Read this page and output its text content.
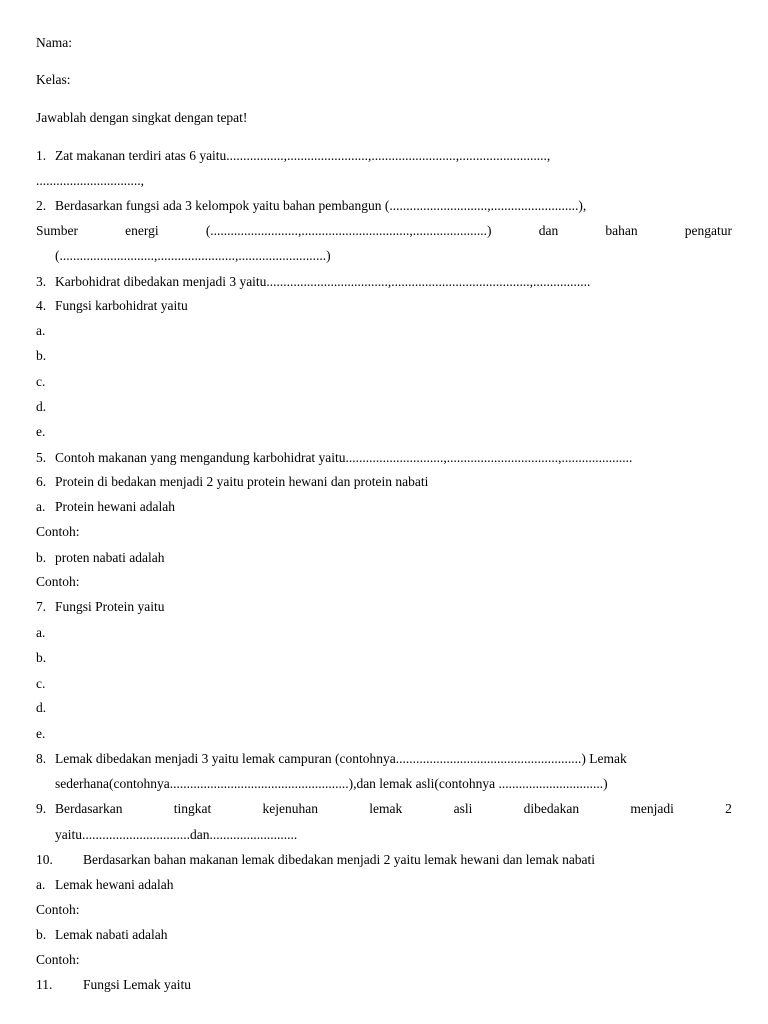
Nama:
Kelas:
Jawablah dengan singkat dengan tepat!
1. Zat makanan terdiri atas 6 yaitu.................,........................,.........................,..........................,
...............................,
2. Berdasarkan fungsi ada 3 kelompok yaitu bahan pembangun (.............................,..........................),
Sumber	energi	(..........................,................................,......................)	dan	bahan	pengatur
(............................,.......................,..........................)
3. Karbohidrat dibedakan menjadi 3 yaitu....................................,.........................................,.................
4. Fungsi karbohidrat yaitu
a.
b.
c.
d.
e.
5. Contoh makanan yang mengandung karbohidrat yaitu.............................,.................................,.....................
6. Protein di bedakan menjadi 2 yaitu protein hewani dan protein nabati
a. Protein hewani adalah
Contoh:
b. proten nabati adalah
Contoh:
7. Fungsi Protein yaitu
a.
b.
c.
d.
e.
8. Lemak dibedakan menjadi 3 yaitu lemak campuran (contohnya.......................................................) Lemak
sederhana(contohnya.....................................................),dan lemak asli(contohnya ...............................)
9. Berdasarkan	tingkat	kejenuhan	lemak	asli	dibedakan	menjadi	2
yaitu................................dan..........................
10. Berdasarkan bahan makanan lemak dibedakan menjadi 2 yaitu lemak hewani dan lemak nabati
a. Lemak hewani adalah
Contoh:
b. Lemak nabati adalah
Contoh:
11. Fungsi Lemak yaitu
